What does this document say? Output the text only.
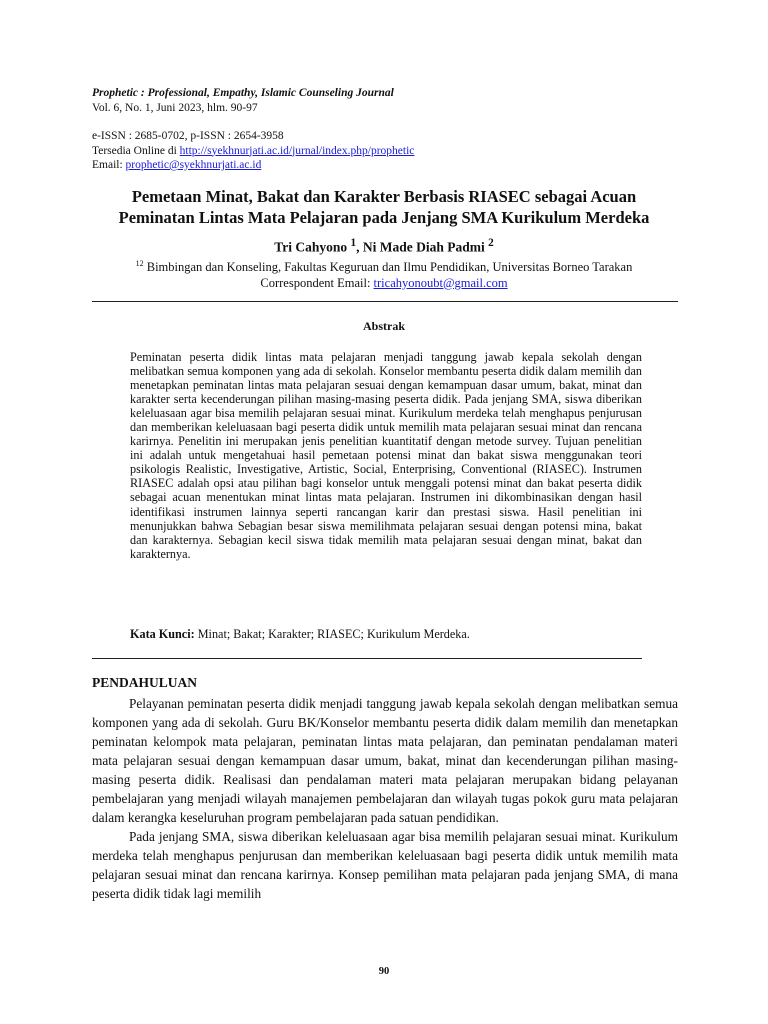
Prophetic : Professional, Empathy, Islamic Counseling Journal
Vol. 6, No. 1, Juni 2023, hlm. 90-97
e-ISSN : 2685-0702, p-ISSN : 2654-3958
Tersedia Online di http://syekhnurjati.ac.id/jurnal/index.php/prophetic
Email: prophetic@syekhnurjati.ac.id
Pemetaan Minat, Bakat dan Karakter Berbasis RIASEC sebagai Acuan
Peminatan Lintas Mata Pelajaran pada Jenjang SMA Kurikulum Merdeka
Tri Cahyono $^1$, Ni Made Diah Padmi $^2$
$^{12}$ Bimbingan dan Konseling, Fakultas Keguruan dan Ilmu Pendidikan, Universitas Borneo Tarakan
Correspondent Email: tricahyonoubt@gmail.com
Abstrak

Peminatan peserta didik lintas mata pelajaran menjadi tanggung jawab kepala sekolah dengan melibatkan semua komponen yang ada di sekolah. Konselor membantu peserta didik dalam memilih dan menetapkan peminatan lintas mata pelajaran sesuai dengan kemampuan dasar umum, bakat, minat dan karakter serta kecenderungan pilihan masing-masing peserta didik. Pada jenjang SMA, siswa diberikan keleluasaan agar bisa memilih pelajaran sesuai minat. Kurikulum merdeka telah menghapus penjurusan dan memberikan keleluasaan bagi peserta didik untuk memilih mata pelajaran sesuai minat dan rencana karirnya. Penelitin ini merupakan jenis penelitian kuantitatif dengan metode survey. Tujuan penelitian ini adalah untuk mengetahuai hasil pemetaan potensi minat dan bakat siswa menggunakan teori psikologis Realistic, Investigative, Artistic, Social, Enterprising, Conventional (RIASEC). Instrumen RIASEC adalah opsi atau pilihan bagi konselor untuk menggali potensi minat dan bakat peserta didik sebagai acuan menentukan minat lintas mata pelajaran. Instrumen ini dikombinasikan dengan hasil identifikasi instrumen lainnya seperti rancangan karir dan prestasi siswa. Hasil penelitian ini menunjukkan bahwa Sebagian besar siswa memilihmata pelajaran sesuai dengan potensi mina, bakat dan karakternya. Sebagian kecil siswa tidak memilih mata pelajaran sesuai dengan minat, bakat dan karakternya.

Kata Kunci: Minat; Bakat; Karakter; RIASEC; Kurikulum Merdeka.
PENDAHULUAN

Pelayanan peminatan peserta didik menjadi tanggung jawab kepala sekolah dengan melibatkan semua komponen yang ada di sekolah. Guru BK/Konselor membantu peserta didik dalam memilih dan menetapkan peminatan kelompok mata pelajaran, peminatan lintas mata pelajaran, dan peminatan pendalaman materi mata pelajaran sesuai dengan kemampuan dasar umum, bakat, minat dan kecenderungan pilihan masing-masing peserta didik. Realisasi dan pendalaman materi mata pelajaran merupakan bidang pelayanan pembelajaran yang menjadi wilayah manajemen pembelajaran dan wilayah tugas pokok guru mata pelajaran dalam kerangka keseluruhan program pembelajaran pada satuan pendidikan.

Pada jenjang SMA, siswa diberikan keleluasaan agar bisa memilih pelajaran sesuai minat. Kurikulum merdeka telah menghapus penjurusan dan memberikan keleluasaan bagi peserta didik untuk memilih mata pelajaran sesuai minat dan rencana karirnya. Konsep pemilihan mata pelajaran pada jenjang SMA, di mana peserta didik tidak lagi memilih

90
